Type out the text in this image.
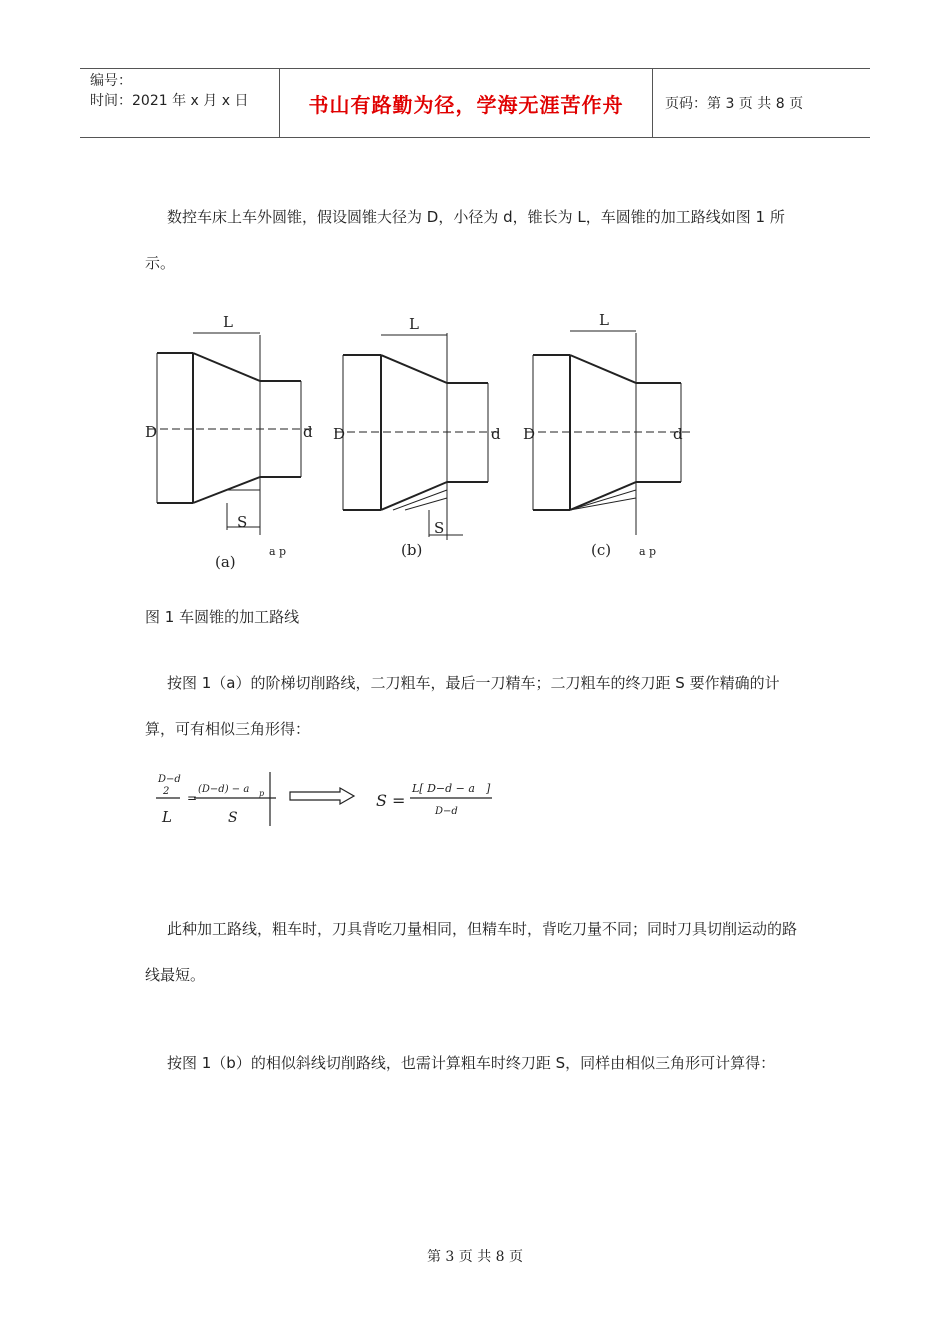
编号：
时间：2021 年 x 月 x 日	书山有路勤为径，学海无涯苦作舟	页码：第 3 页 共 8 页
数控车床上车外圆锥，假设圆锥大径为 D，小径为 d，锥长为 L，车圆锥的加工路线如图 1 所示。
L	L	L
D	D	D
d	d	d
S	S
a p	a p
(a)
(b)	(c)
图 1 车圆锥的加工路线
按图 1（a）的阶梯切削路线，二刀粗车，最后一刀精车；二刀粗车的终刀距 S 要作精确的计算，可有相似三角形得：
D−d
2
L
(D−d) − a p
S
S =
L[ D−d − a ]
D−d
=
此种加工路线，粗车时，刀具背吃刀量相同，但精车时，背吃刀量不同；同时刀具切削运动的路线最短。
按图 1（b）的相似斜线切削路线，也需计算粗车时终刀距 S，同样由相似三角形可计算得：
第 3 页 共 8 页
